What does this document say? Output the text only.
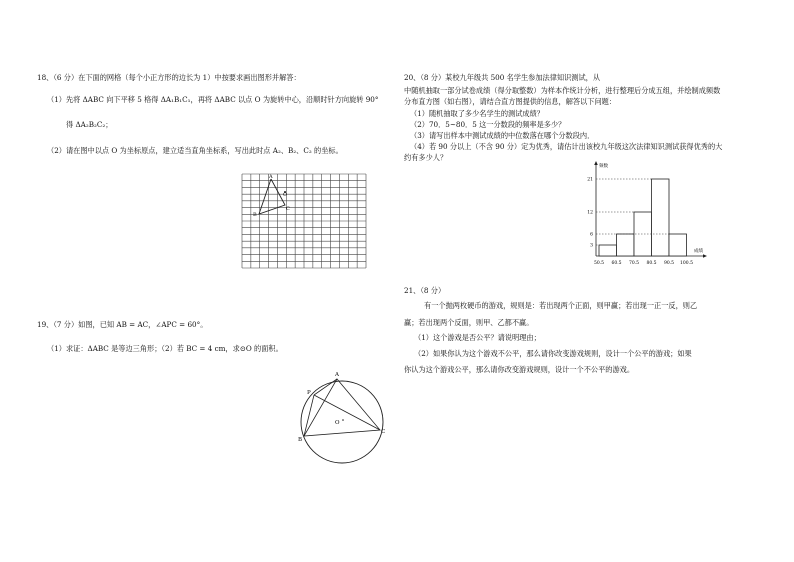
18、（6 分）在下面的网格（每个小正方形的边长为 1）中按要求画出图形并解答：
（1）先将 ΔABC 向下平移 5 格得 ΔA₁B₁C₁，再将 ΔABC 以点 O 为旋转中心，沿顺时针方向旋转 90°
得 ΔA₂B₂C₂；
（2）请在图中以点 O 为坐标原点，建立适当直角坐标系，写出此时点 A₂、B₂、C₂ 的坐标。
A
B
C
O
19、（7 分）如图，已知 AB = AC，∠APC = 60°。
（1）求证：ΔABC 是等边三角形；（2）若 BC = 4 cm，求⊙O 的面积。
A
P
O
B
C
20、（8 分）某校九年级共 500 名学生参加法律知识测试，从
中随机抽取一部分试卷成绩（得分取整数）为样本作统计分析，进行整理后分成五组，并绘制成频数
分布直方图（如右图），请结合直方图提供的信息，解答以下问题：
（1）随机抽取了多少名学生的测试成绩？
（2）70．5~80．5 这一分数段的频率是多少？
（3）请写出样本中测试成绩的中位数落在哪个分数段内．
（4）若 90 分以上（不含 90 分）定为优秀，请估计出该校九年级这次法律知识测试获得优秀的大
约有多少人？
3
6
12
21
50.5 60.5 70.5 80.5 90.5 100.5
频数
成绩
21、（8 分）
有一个抛两枚硬币的游戏，规则是：若出现两个正面，则甲赢；若出现一正一反，则乙
赢；若出现两个反面，则甲、乙都不赢。
（1）这个游戏是否公平？请说明理由；
（2）如果你认为这个游戏不公平，那么请你改变游戏规则，设计一个公平的游戏；如果
你认为这个游戏公平，那么请你改变游戏规则，设计一个不公平的游戏。
